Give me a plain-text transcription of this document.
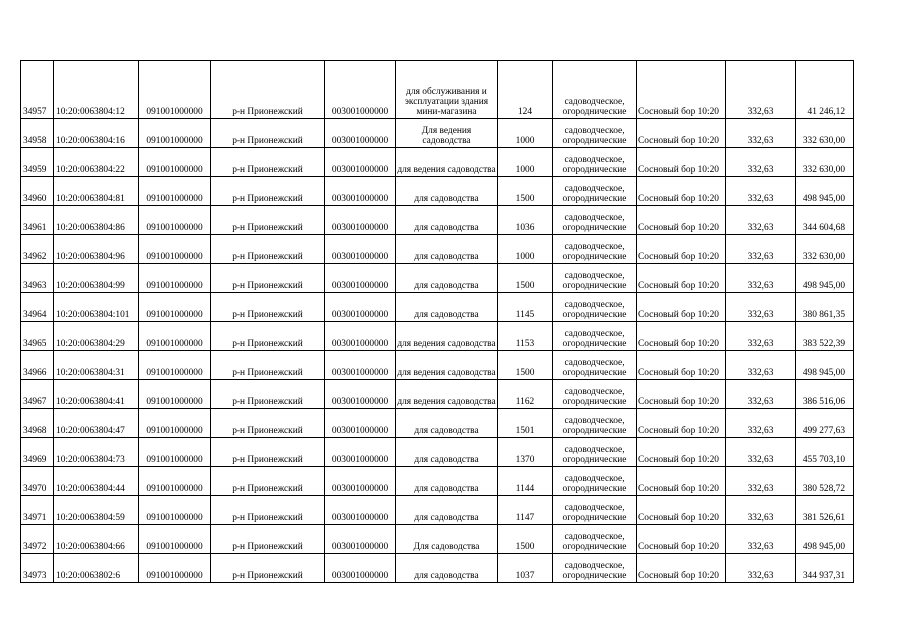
34957	10:20:0063804:12	091001000000	р-н Прионежский	003001000000	для обслуживания и эксплуатации здания мини-магазина	124	садоводческое, огороднические	Сосновый бор 10:20	332,63	41 246,12
34958	10:20:0063804:16	091001000000	р-н Прионежский	003001000000	Для ведения садоводства	1000	садоводческое, огороднические	Сосновый бор 10:20	332,63	332 630,00
34959	10:20:0063804:22	091001000000	р-н Прионежский	003001000000	для ведения садоводства	1000	садоводческое, огороднические	Сосновый бор 10:20	332,63	332 630,00
34960	10:20:0063804:81	091001000000	р-н Прионежский	003001000000	для садоводства	1500	садоводческое, огороднические	Сосновый бор 10:20	332,63	498 945,00
34961	10:20:0063804:86	091001000000	р-н Прионежский	003001000000	для садоводства	1036	садоводческое, огороднические	Сосновый бор 10:20	332,63	344 604,68
34962	10:20:0063804:96	091001000000	р-н Прионежский	003001000000	для садоводства	1000	садоводческое, огороднические	Сосновый бор 10:20	332,63	332 630,00
34963	10:20:0063804:99	091001000000	р-н Прионежский	003001000000	для садоводства	1500	садоводческое, огороднические	Сосновый бор 10:20	332,63	498 945,00
34964	10:20:0063804:101	091001000000	р-н Прионежский	003001000000	для садоводства	1145	садоводческое, огороднические	Сосновый бор 10:20	332,63	380 861,35
34965	10:20:0063804:29	091001000000	р-н Прионежский	003001000000	для ведения садоводства	1153	садоводческое, огороднические	Сосновый бор 10:20	332,63	383 522,39
34966	10:20:0063804:31	091001000000	р-н Прионежский	003001000000	для ведения садоводства	1500	садоводческое, огороднические	Сосновый бор 10:20	332,63	498 945,00
34967	10:20:0063804:41	091001000000	р-н Прионежский	003001000000	для ведения садоводства	1162	садоводческое, огороднические	Сосновый бор 10:20	332,63	386 516,06
34968	10:20:0063804:47	091001000000	р-н Прионежский	003001000000	для садоводства	1501	садоводческое, огороднические	Сосновый бор 10:20	332,63	499 277,63
34969	10:20:0063804:73	091001000000	р-н Прионежский	003001000000	для садоводства	1370	садоводческое, огороднические	Сосновый бор 10:20	332,63	455 703,10
34970	10:20:0063804:44	091001000000	р-н Прионежский	003001000000	для садоводства	1144	садоводческое, огороднические	Сосновый бор 10:20	332,63	380 528,72
34971	10:20:0063804:59	091001000000	р-н Прионежский	003001000000	для садоводства	1147	садоводческое, огороднические	Сосновый бор 10:20	332,63	381 526,61
34972	10:20:0063804:66	091001000000	р-н Прионежский	003001000000	Для садоводства	1500	садоводческое, огороднические	Сосновый бор 10:20	332,63	498 945,00
34973	10:20:0063802:6	091001000000	р-н Прионежский	003001000000	для садоводства	1037	садоводческое, огороднические	Сосновый бор 10:20	332,63	344 937,31
